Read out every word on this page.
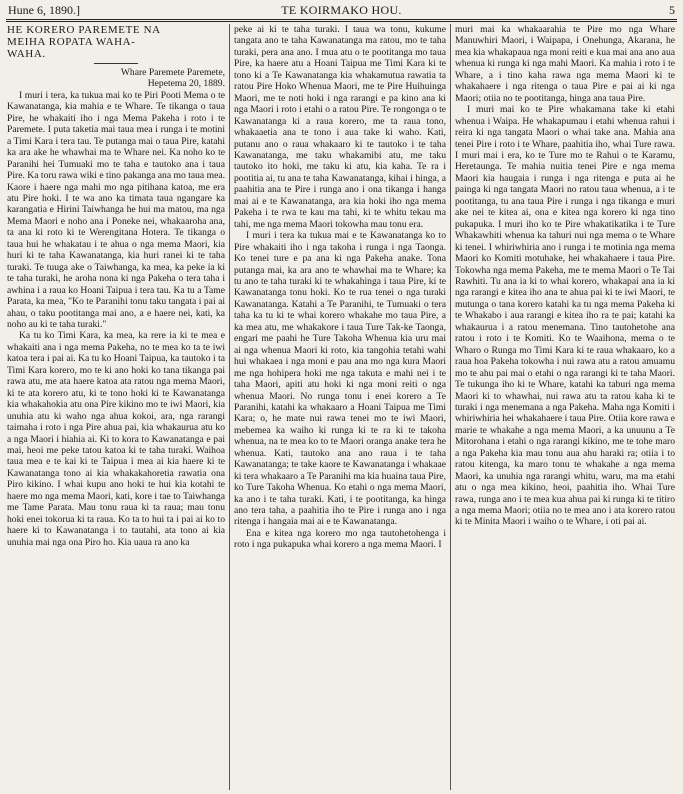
Hune 6, 1890.]	TE KOIRMAKO HOU.	5

HE KORERO PAREMETE NA

MEIHA ROPATA WAHA-

WAHA.

Whare Paremete Paremete,

Hepetema 20, 1889.

I muri i tera, ka tukua mai ko te Piri Pooti Mema o te Kawanatanga, kia mahia e te Whare. Te tikanga o taua Pire, he whakaiti iho i nga Mema Pakeha i roto i te Paremete. I puta taketia mai taua mea i runga i te motini a Timi Kara i tera tau. Te putanga mai o taua Pire, katahi ka ara ake he whawhai ma te Whare nei. Ka noho ko te Paranihi hei Tumuaki mo te taha e tautoko ana i taua Pire. Ka toru rawa wiki e tino pakanga ana mo taua mea. Kaore i haere nga mahi mo nga pitihana katoa, me era atu Pire hoki. I te wa ano ka timata taua ngangare ka karangatia e Hirini Taiwhanga he hui ma matou, ma nga Mema Maori e noho ana i Poneke nei, whakaaroha ana, ta ana ki roto ki te Werengitana Hotera. Te tikanga o taua hui he whakatau i te ahua o nga mema Maori, kia huri ki te taha Kawanatanga, kia huri ranei ki te taha turaki. Te tuuga ake o Taiwhanga, ka mea, ka peke ia ki te taha turaki, he aroha nona ki nga Pakeha o tera taha i awhina i a raua ko Hoani Taipua i tera tau. Ka tu a Tame Parata, ka mea, "Ko te Paranihi tonu taku tangata i pai ai ahau, o taku pootitanga mai ano, a e haere nei, kati, ka noho au ki te taha turaki."

Ka tu ko Timi Kara, ka mea, ka rere ia ki te mea e whakaiti ana i nga mema Pakeha, no te mea ko ta te iwi katoa tera i pai ai. Ka tu ko Hoani Taipua, ka tautoko i ta Timi Kara korero, mo te ki ano hoki ko tana tikanga pai rawa atu, me ata haere katoa ata ratou nga mema Maori, ki te ata korero atu, ki te tono hoki ki te Kawanatanga kia whakahokia atu ona Pire kikino mo te iwi Maori, kia unuhia atu ki waho nga ahua kokoi, ara, nga rarangi taimaha i roto i nga Pire ahua pai, kia whakaurua atu ko a nga Maori i hiahia ai. Ki to kora to Kawanatanga e pai mai, heoi me peke tatou katoa ki te taha turaki. Waihoa taua mea e te kai ki te Taipua i mea ai kia haere ki te Kawanatanga tono ai kia whakakahoretia rawatia ona Piro kikino. I whai kupu ano hoki te hui kia kotahi te haere mo nga mema Maori, kati, kore i tae to Taiwhanga me Tame Parata. Mau tonu raua ki ta raua; mau tonu hoki enei tokorua ki ta raua. Ko ta to hui ta i pai ai ko to haere ki to Kawanatanga i to tautahi, ata tono ai kia unuhia mai nga ona Piro ho. Kia uaua ra ano ka

peke ai ki te taha turaki. I taua wa tonu, kukume tangata ano te taha Kawanatanga ma ratou, mo te taha turaki, pera ana ano. I mua atu o te pootitanga mo taua Pire, ka haere atu a Hoani Taipua me Timi Kara ki te tono ki a Te Kawanatanga kia whakamutua rawatia ta ratou Pire Hoko Whenua Maori, me te Pire Huihuinga Maori, me te noti hoki i nga rarangi e pa kino ana ki nga Maori i roto i etahi o a ratou Pire. Te rongonga o te Kawanatanga ki a raua korero, me ta raua tono, whakaaetia ana te tono i aua take ki waho. Kati, putanu ano o raua whakaaro ki te tautoko i te taha Kawanatanga, me taku whakamibi atu, me taku tautoko ito hoki, me taku ki atu, kia kaha. Te ra i pootitia ai, tu ana te taha Kawanatanga, kihai i hinga, a paahitia ana te Pire i runga ano i ona tikanga i hanga mai ai e te Kawanatanga, ara kia hoki iho nga mema Pakeha i te rwa te kau ma tahi, ki te whitu tekau ma tahi, me nga mema Maori tokowha mau tonu era.

I muri i tera ka tukua mai e te Kawanatanga ko to Pire whakaiti iho i nga takoha i runga i nga Taonga. Ko tenei ture e pa ana ki nga Pakeha anake. Tona putanga mai, ka ara ano te whawhai ma te Whare; ka tu ano te taha turaki ki te whakahinga i taua Pire, ki te Kawanatanga tonu hoki. Ko te rua tenei o nga turaki Kawanatanga. Katahi a Te Paranihi, te Tumuaki o tera taha ka tu ki te whai korero whakahe mo taua Pire, a ka mea atu, me whakakore i taua Ture Tak-ke Taonga, engari me paahi he Ture Takoha Whenua kia uru mai ai nga whenua Maori ki roto, kia tangohia tetahi wahi hui whakaea i nga moni e pau ana mo nga kura Maori me nga hohipera hoki me nga takuta e mahi nei i te taha Maori, apiti atu hoki ki nga moni reiti o nga whenua Maori. No runga tonu i enei korero a Te Paranihi, katahi ka whakaaro a Hoani Taipua me Timi Kara; o, he mate nui rawa tenei mo te iwi Maori, mebemea ka waiho ki runga ki te ra ki te takoha whenua, na te mea ko to te Maori oranga anake tera he whenua. Kati, tautoko ana ano raua i te taha Kawanatanga; te take kaore te Kawanatanga i whakaae ki tera whakaaro a Te Paranihi ma kia huaina taua Pire, ko Ture Takoha Whenua. Ko etahi o nga mema Maori, ka ano i te taha turaki. Kati, i te pootitanga, ka hinga ano tera taha, a paahitia iho te Pire i runga ano i nga ritenga i hangaia mai ai e te Kawanatanga.

Ena e kitea nga korero mo nga tautohetohenga i roto i nga pukapuka whai korero a nga mema Maori. I

muri mai ka whakaarahia te Pire mo nga Whare Manuwhiri Maori, i Waipapa, i Onehunga, Akarana, he mea kia whakapaua nga moni reiti e kua mai ana ano aua whenua ki runga ki nga mahi Maori. Ka mahia i roto i te Whare, a i tino kaha rawa nga mema Maori ki te whakahaere i nga ritenga o taua Pire e pai ai ki nga Maori; otiia no te pootitanga, hinga ana taua Pire.

I muri mai ko te Pire whakamana take ki etahi whenua i Waipa. He whakapumau i etahi whenua rahui i reira ki nga tangata Maori o whai take ana. Mahia ana tenei Pire i roto i te Whare, paahitia iho, whai Ture rawa. I muri mai i era, ko te Ture mo te Rahui o te Karamu, Heretaunga. Te mahia nuitia tenei Pire e nga mema Maori kia haugaia i runga i nga ritenga e puta ai he painga ki nga tangata Maori no ratou taua whenua, a i te pootitanga, tu ana taua Pire i runga i nga tikanga e muri ake nei te kitea ai, ona e kitea nga korero ki nga tino pukapuka. I muri iho ko te Pire whakatikatika i te Ture Whakawhiti whenua ka tahuri nui nga mema o te Whare ki tenei. I whiriwhiria ano i runga i te motinia nga mema Maori ko Komiti motuhake, hei whakahaere i taua Pire. Tokowha nga mema Pakeha, me te mema Maori o Te Tai Rawhiti. Tu ana ia ki to whai korero, whakapai ana ia ki nga rarangi e kitea iho ana te ahua pai ki te iwi Maori, te mutunga o tana korero katahi ka tu nga mema Pakeha ki te Whakabo i aua rarangi e kitea iho ra te pai; katahi ka whakaurua i a ratou menemana. Tino tautohetohe ana ratou i roto i te Komiti. Ko te Waaihona, mema o te Wharo o Runga mo Timi Kara ki te raua whakaaro, ko a raua hoa Pakeha tokowha i nui rawa atu a ratou amuamu mo te ahu pai mai o etahi o nga rarangi ki te taha Maori. Te tukunga iho ki te Whare, katahi ka taburi nga mema Maori ki to whawhai, nui rawa atu ta ratou kaha ki te turaki i nga menemana a nga Pakeha. Maha nga Komiti i whiriwhiria hei whakahaere i taua Pire. Otiia kore rawa e marie te whakahe a nga mema Maori, a ka unuunu a Te Mitorohana i etahi o nga rarangi kikino, me te tohe maro a nga Pakeha kia mau tonu aua ahu haraki ra; otiia i to ratou kitenga, ka maro tonu te whakahe a nga mema Maori, ka unuhia nga rarangi whitu, waru, ma ma etahi atu o nga mea kikino, heoi, paahitia iho. Whai Ture rawa, runga ano i te mea kua ahua pai ki runga ki te titiro a nga mema Maori; otiia no te mea ano i ata korero ratou ki te Minita Maori i waiho o te Whare, i oti pai ai.
